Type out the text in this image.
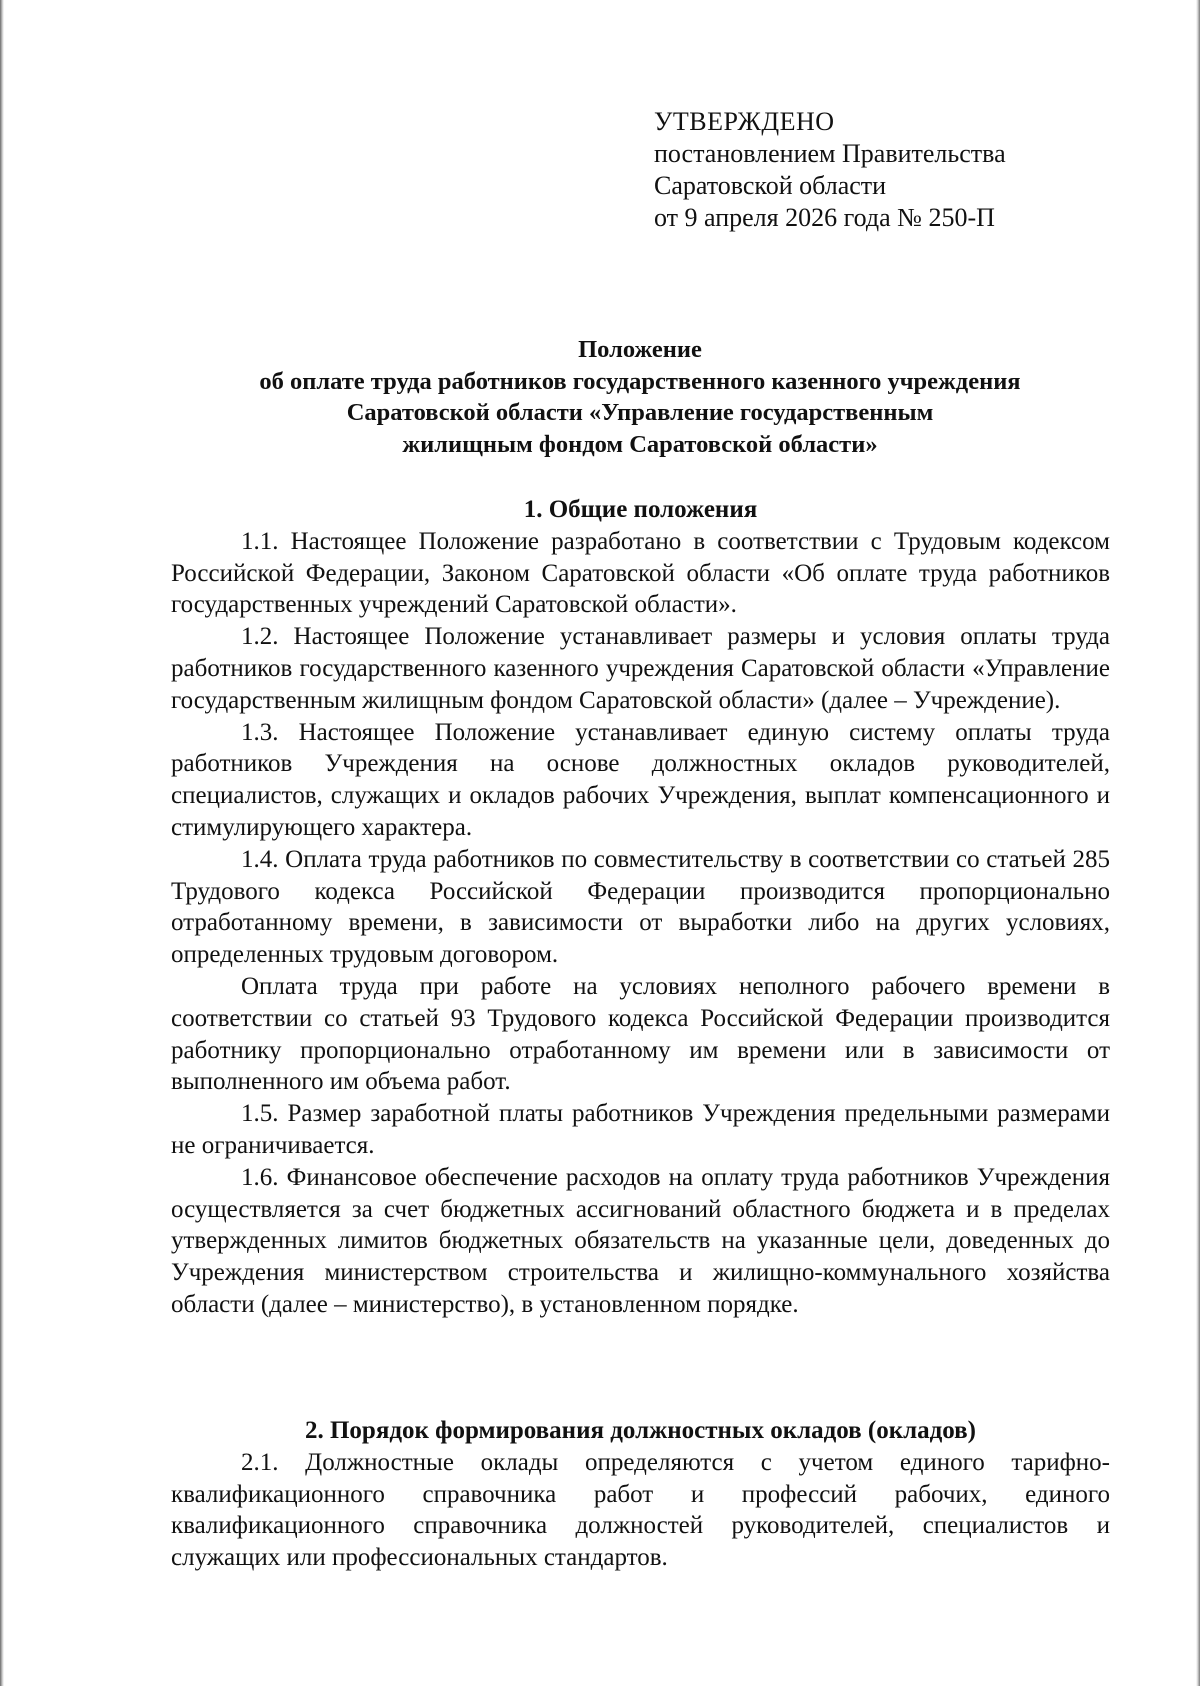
УТВЕРЖДЕНО
постановлением Правительства
Саратовской области
от 9 апреля 2026 года № 250-П
Положение
об оплате труда работников государственного казенного учреждения
Саратовской области «Управление государственным
жилищным фондом Саратовской области»
1. Общие положения

1.1. Настоящее Положение разработано в соответствии с Трудовым кодексом Российской Федерации, Законом Саратовской области «Об оплате труда работников государственных учреждений Саратовской области».

1.2. Настоящее Положение устанавливает размеры и условия оплаты труда работников государственного казенного учреждения Саратовской области «Управление государственным жилищным фондом Саратовской области» (далее – Учреждение).

1.3. Настоящее Положение устанавливает единую систему оплаты труда работников Учреждения на основе должностных окладов руководителей, специалистов, служащих и окладов рабочих Учреждения, выплат компенсационного и стимулирующего характера.

1.4. Оплата труда работников по совместительству в соответствии со статьей 285 Трудового кодекса Российской Федерации производится пропорционально отработанному времени, в зависимости от выработки либо на других условиях, определенных трудовым договором.

Оплата труда при работе на условиях неполного рабочего времени в соответствии со статьей 93 Трудового кодекса Российской Федерации производится работнику пропорционально отработанному им времени или в зависимости от выполненного им объема работ.

1.5. Размер заработной платы работников Учреждения предельными размерами не ограничивается.

1.6. Финансовое обеспечение расходов на оплату труда работников Учреждения осуществляется за счет бюджетных ассигнований областного бюджета и в пределах утвержденных лимитов бюджетных обязательств на указанные цели, доведенных до Учреждения министерством строительства и жилищно-коммунального хозяйства области (далее – министерство), в установленном порядке.

2. Порядок формирования должностных окладов (окладов)

2.1. Должностные оклады определяются с учетом единого тарифно-квалификационного справочника работ и профессий рабочих, единого квалификационного справочника должностей руководителей, специалистов и служащих или профессиональных стандартов.
